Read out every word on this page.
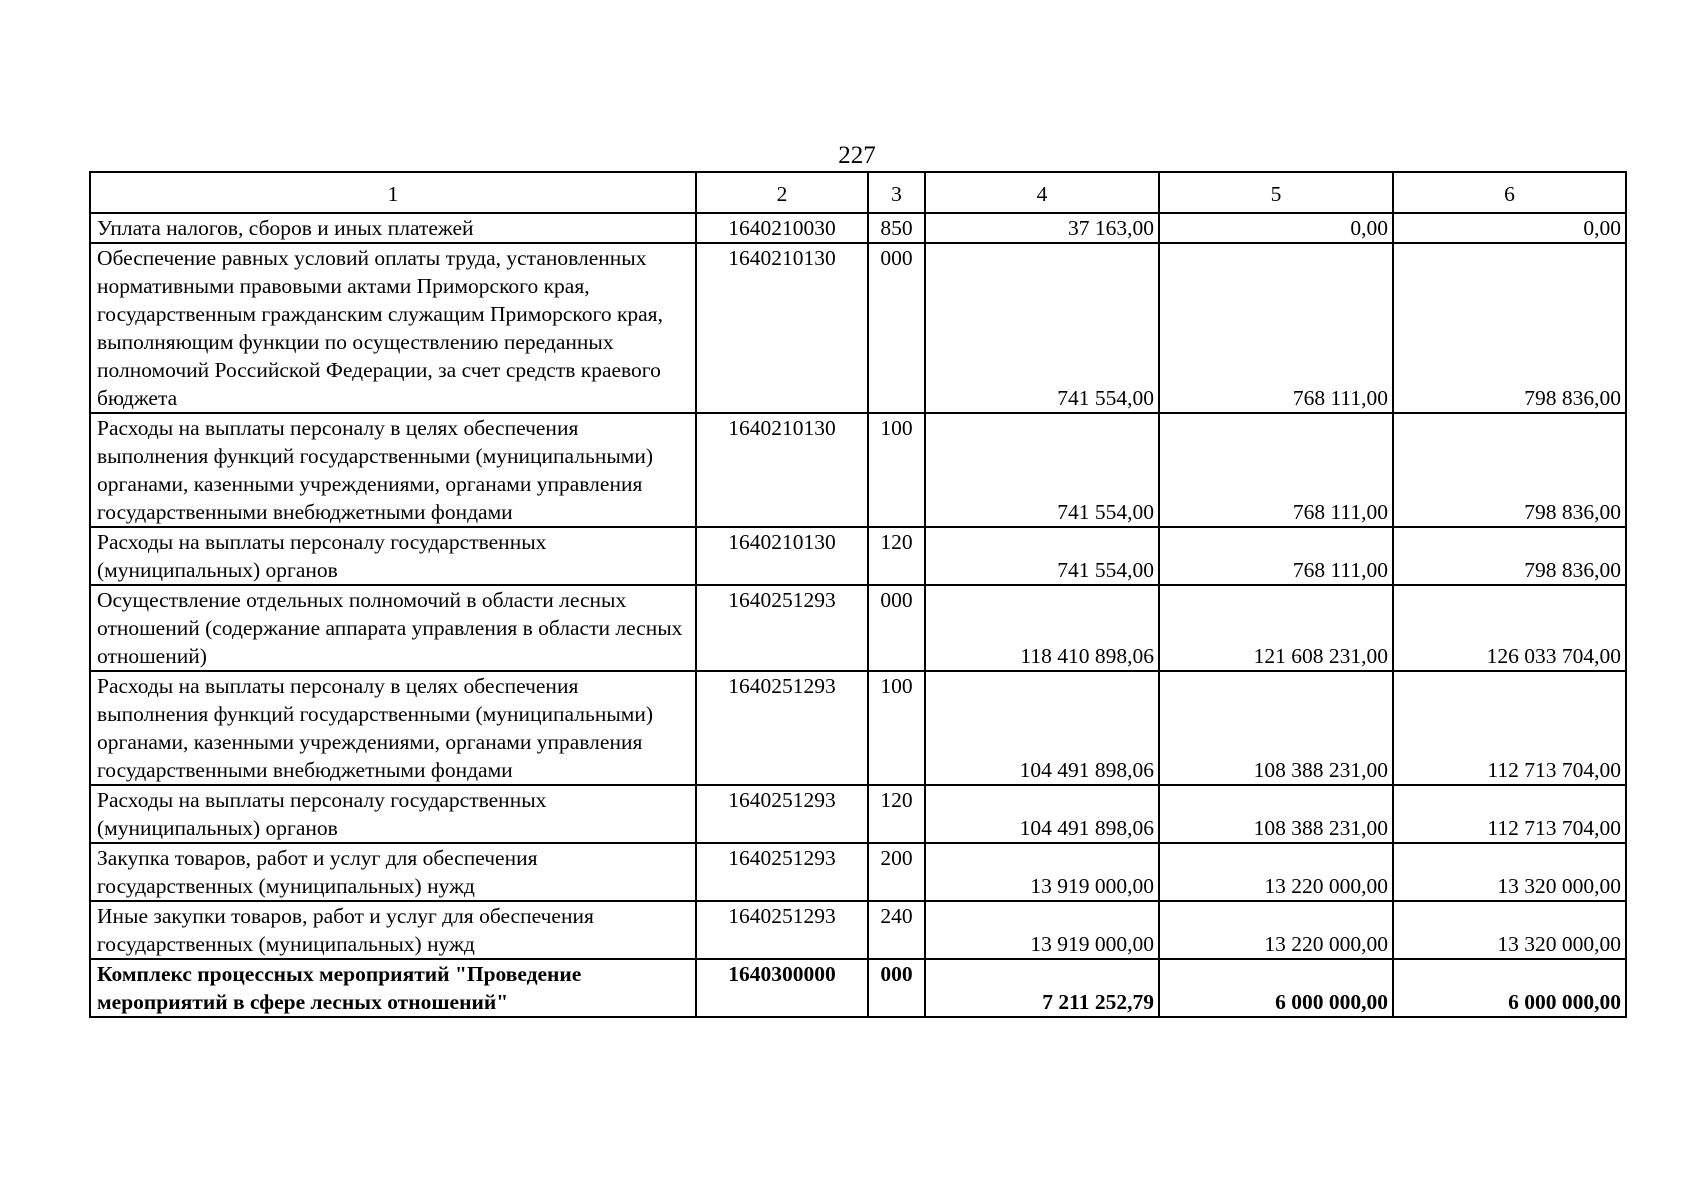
227
1	2	3	4	5	6
Уплата налогов, сборов и иных платежей	1640210030	850	37 163,00	0,00	0,00
Обеспечение равных условий оплаты труда, установленных нормативными правовыми актами Приморского края, государственным гражданским служащим Приморского края, выполняющим функции по осуществлению переданных полномочий Российской Федерации, за счет средств краевого бюджета	1640210130	000	741 554,00	768 111,00	798 836,00
Расходы на выплаты персоналу в целях обеспечения выполнения функций государственными (муниципальными) органами, казенными учреждениями, органами управления государственными внебюджетными фондами	1640210130	100	741 554,00	768 111,00	798 836,00
Расходы на выплаты персоналу государственных (муниципальных) органов	1640210130	120	741 554,00	768 111,00	798 836,00
Осуществление отдельных полномочий в области лесных отношений (содержание аппарата управления в области лесных отношений)	1640251293	000	118 410 898,06	121 608 231,00	126 033 704,00
Расходы на выплаты персоналу в целях обеспечения выполнения функций государственными (муниципальными) органами, казенными учреждениями, органами управления государственными внебюджетными фондами	1640251293	100	104 491 898,06	108 388 231,00	112 713 704,00
Расходы на выплаты персоналу государственных (муниципальных) органов	1640251293	120	104 491 898,06	108 388 231,00	112 713 704,00
Закупка товаров, работ и услуг для обеспечения государственных (муниципальных) нужд	1640251293	200	13 919 000,00	13 220 000,00	13 320 000,00
Иные закупки товаров, работ и услуг для обеспечения государственных (муниципальных) нужд	1640251293	240	13 919 000,00	13 220 000,00	13 320 000,00
Комплекс процессных мероприятий "Проведение мероприятий в сфере лесных отношений"	1640300000	000	7 211 252,79	6 000 000,00	6 000 000,00
